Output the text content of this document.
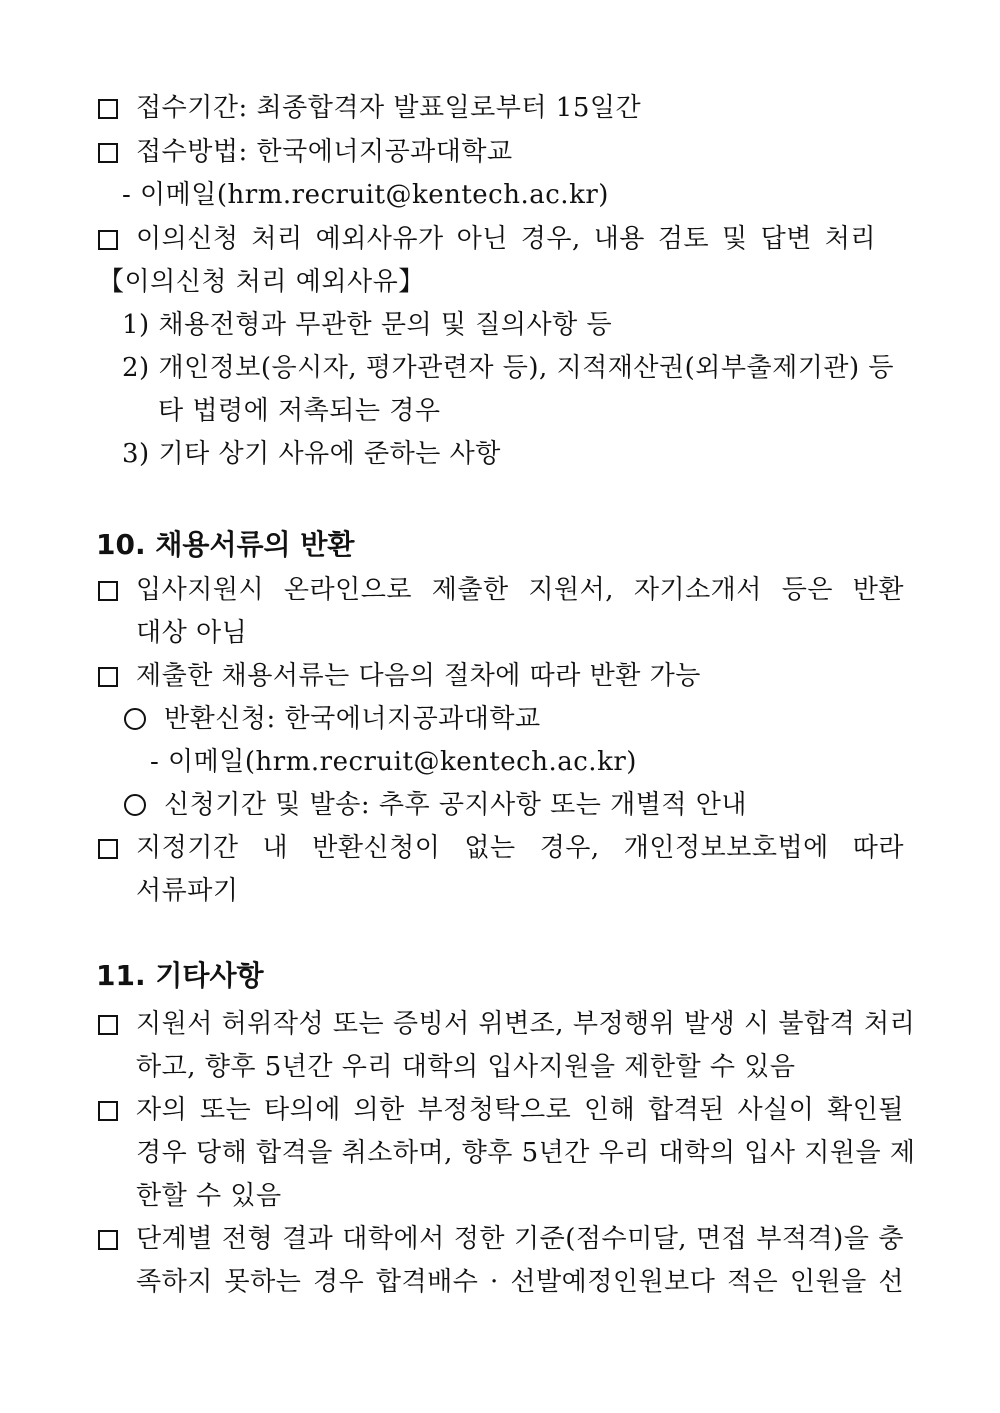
접수기간: 최종합격자 발표일로부터 15일간
접수방법: 한국에너지공과대학교
- 이메일(hrm.recruit@kentech.ac.kr)
이의신청 처리 예외사유가 아닌 경우, 내용 검토 및 답변 처리
【이의신청 처리 예외사유】
1) 채용전형과 무관한 문의 및 질의사항 등
2) 개인정보(응시자, 평가관련자 등), 지적재산권(외부출제기관) 등
타 법령에 저촉되는 경우
3) 기타 상기 사유에 준하는 사항
10. 채용서류의 반환
입사지원시 온라인으로 제출한 지원서, 자기소개서 등은 반환
대상 아님
제출한 채용서류는 다음의 절차에 따라 반환 가능
반환신청: 한국에너지공과대학교
- 이메일(hrm.recruit@kentech.ac.kr)
신청기간 및 발송: 추후 공지사항 또는 개별적 안내
지정기간 내 반환신청이 없는 경우, 개인정보보호법에 따라
서류파기
11. 기타사항
지원서 허위작성 또는 증빙서 위변조, 부정행위 발생 시 불합격 처리
하고, 향후 5년간 우리 대학의 입사지원을 제한할 수 있음
자의 또는 타의에 의한 부정청탁으로 인해 합격된 사실이 확인될
경우 당해 합격을 취소하며, 향후 5년간 우리 대학의 입사 지원을 제
한할 수 있음
단계별 전형 결과 대학에서 정한 기준(점수미달, 면접 부적격)을 충
족하지 못하는 경우 합격배수 · 선발예정인원보다 적은 인원을 선
